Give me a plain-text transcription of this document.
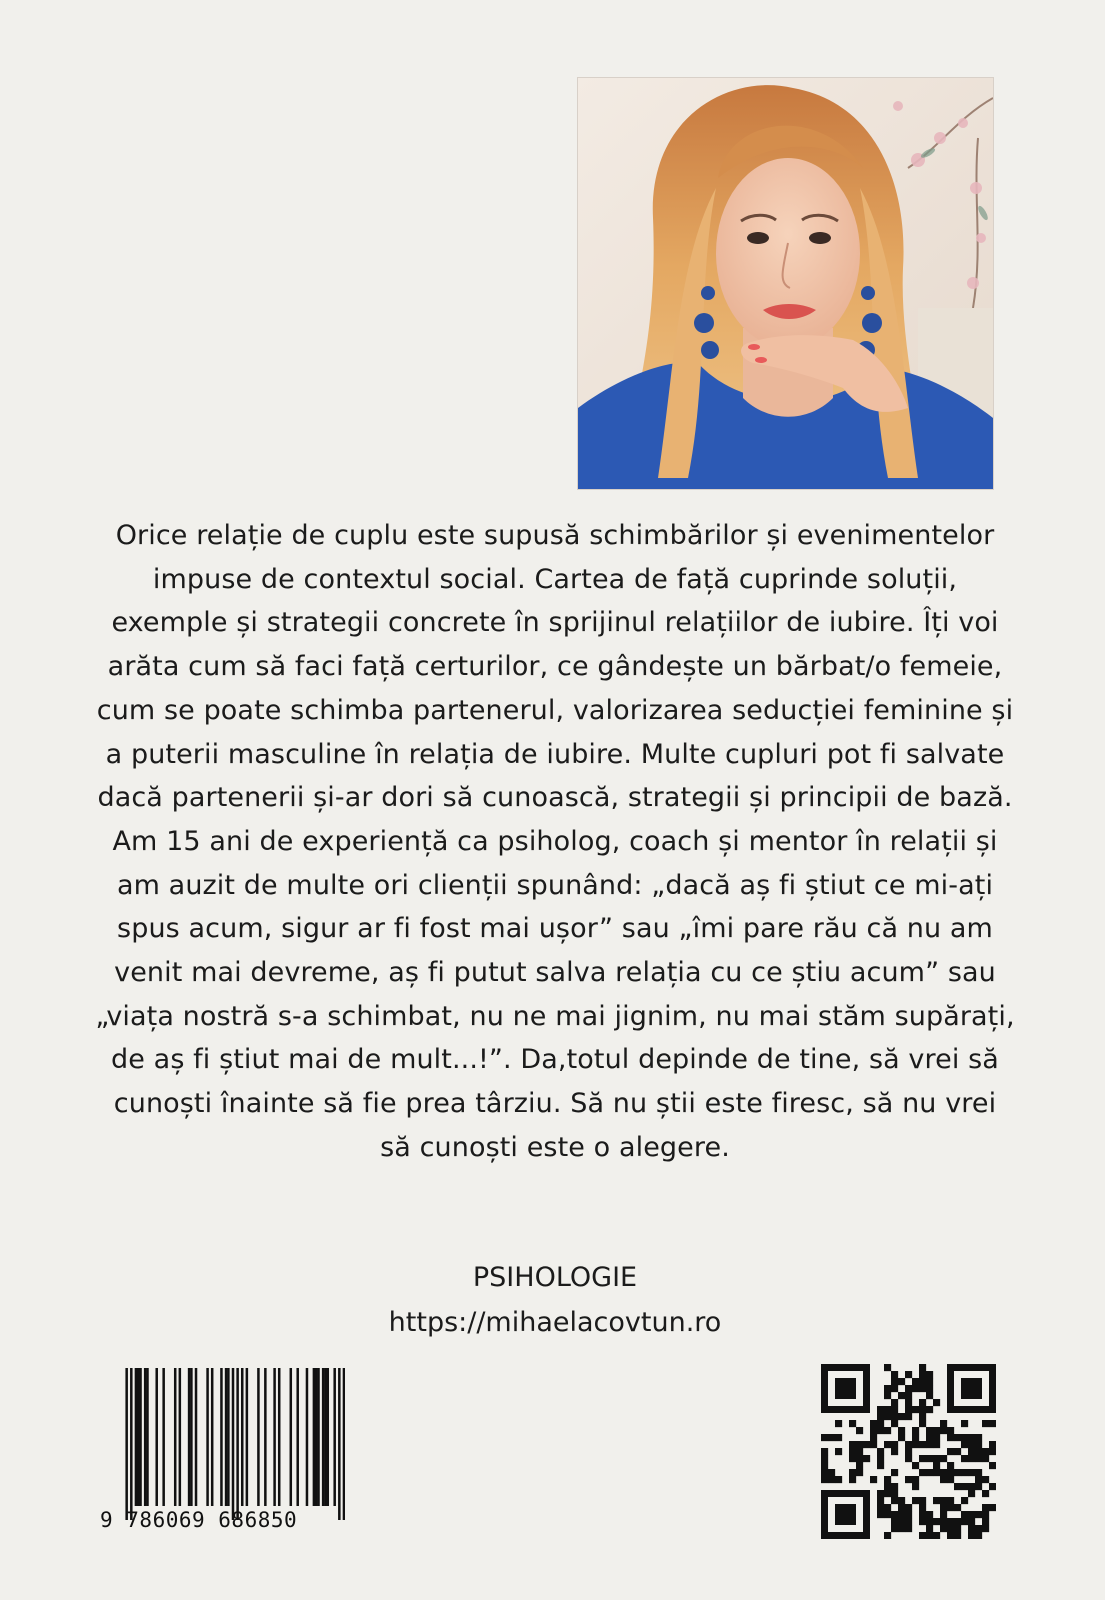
Orice relație de cuplu este supusă schimbărilor și evenimentelor impuse de contextul social. Cartea de față cuprinde soluții, exemple și strategii concrete în sprijinul relațiilor de iubire. Îți voi arăta cum să faci față certurilor, ce gândește un bărbat/o femeie, cum se poate schimba partenerul, valorizarea seducției feminine și a puterii masculine în relația de iubire. Multe cupluri pot fi salvate dacă partenerii și-ar dori să cunoască, strategii și principii de bază. Am 15 ani de experiență ca psiholog, coach și mentor în relații și am auzit de multe ori clienții spunând: „dacă aș fi știut ce mi-ați spus acum, sigur ar fi fost mai ușor” sau „îmi pare rău că nu am venit mai devreme, aș fi putut salva relația cu ce știu acum” sau „viața nostră s-a schimbat, nu ne mai jignim, nu mai stăm supărați, de aș fi știut mai de mult...!”. Da,totul depinde de tine, să vrei să cunoști înainte să fie prea târziu. Să nu știi este firesc, să nu vrei să cunoști este o alegere.

PSIHOLOGIE
https://mihaelacovtun.ro
9 786069 686850
